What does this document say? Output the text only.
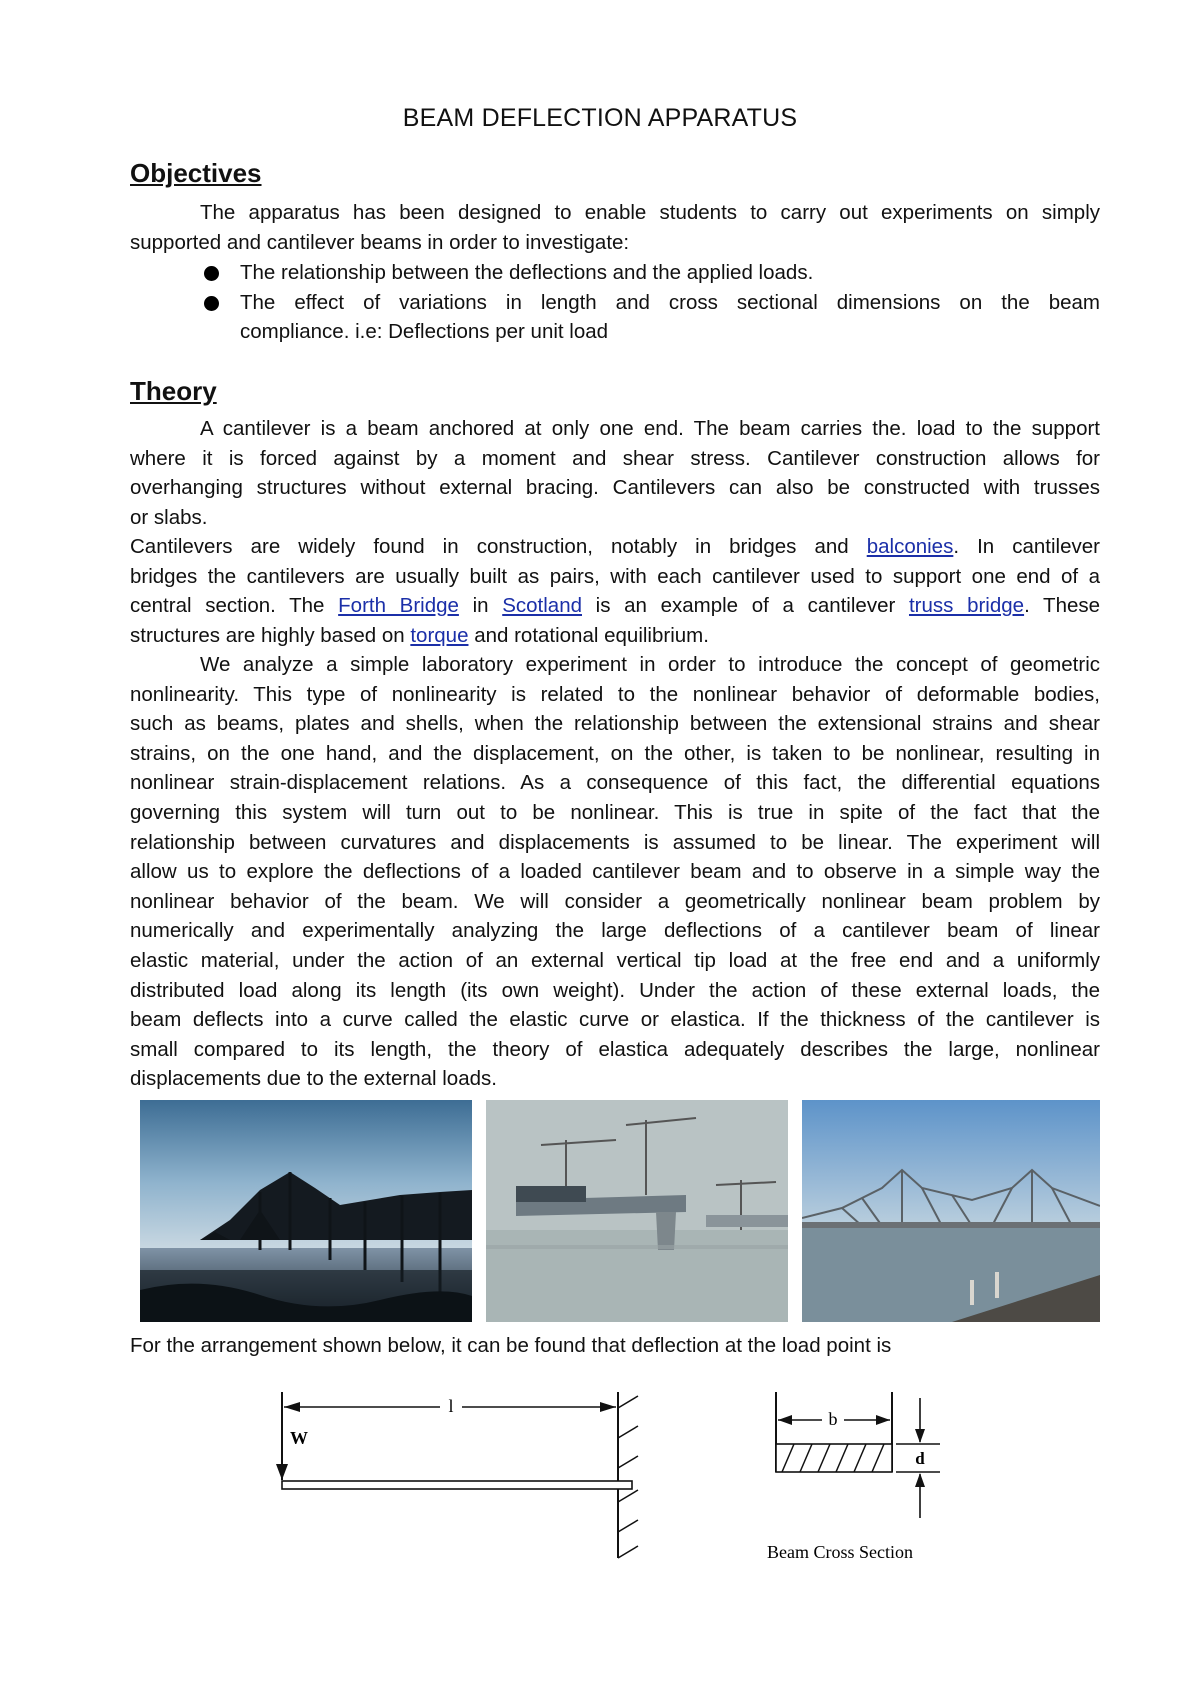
BEAM DEFLECTION APPARATUS
Objectives
The apparatus has been designed to enable students to carry out experiments on simply
supported and cantilever beams in order to investigate:
The relationship between the deflections and the applied loads.
The effect of variations in length and cross sectional dimensions on the beam
compliance. i.e: Deflections per unit load
Theory
A cantilever is a beam anchored at only one end. The beam carries the. load to the support
where it is forced against by a moment and shear stress. Cantilever construction allows for
overhanging structures without external bracing. Cantilevers can also be constructed with trusses
or slabs.
Cantilevers are widely found in construction, notably in bridges and balconies. In cantilever
bridges the cantilevers are usually built as pairs, with each cantilever used to support one end of a
central section. The Forth Bridge in Scotland is an example of a cantilever truss bridge. These
structures are highly based on torque and rotational equilibrium.
We analyze a simple laboratory experiment in order to introduce the concept of geometric
nonlinearity. This type of nonlinearity is related to the nonlinear behavior of deformable bodies,
such as beams, plates and shells, when the relationship between the extensional strains and shear
strains, on the one hand, and the displacement, on the other, is taken to be nonlinear, resulting in
nonlinear strain-displacement relations. As a consequence of this fact, the differential equations
governing this system will turn out to be nonlinear. This is true in spite of the fact that the
relationship between curvatures and displacements is assumed to be linear. The experiment will
allow us to explore the deflections of a loaded cantilever beam and to observe in a simple way the
nonlinear behavior of the beam. We will consider a geometrically nonlinear beam problem by
numerically and experimentally analyzing the large deflections of a cantilever beam of linear
elastic material, under the action of an external vertical tip load at the free end and a uniformly
distributed load along its length (its own weight). Under the action of these external loads, the
beam deflects into a curve called the elastic curve or elastica. If the thickness of the cantilever is
small compared to its length, the theory of elastica adequately describes the large, nonlinear
displacements due to the external loads.
For the arrangement shown below, it can be found that deflection at the load point is
l
W
b
d
Beam Cross Section
